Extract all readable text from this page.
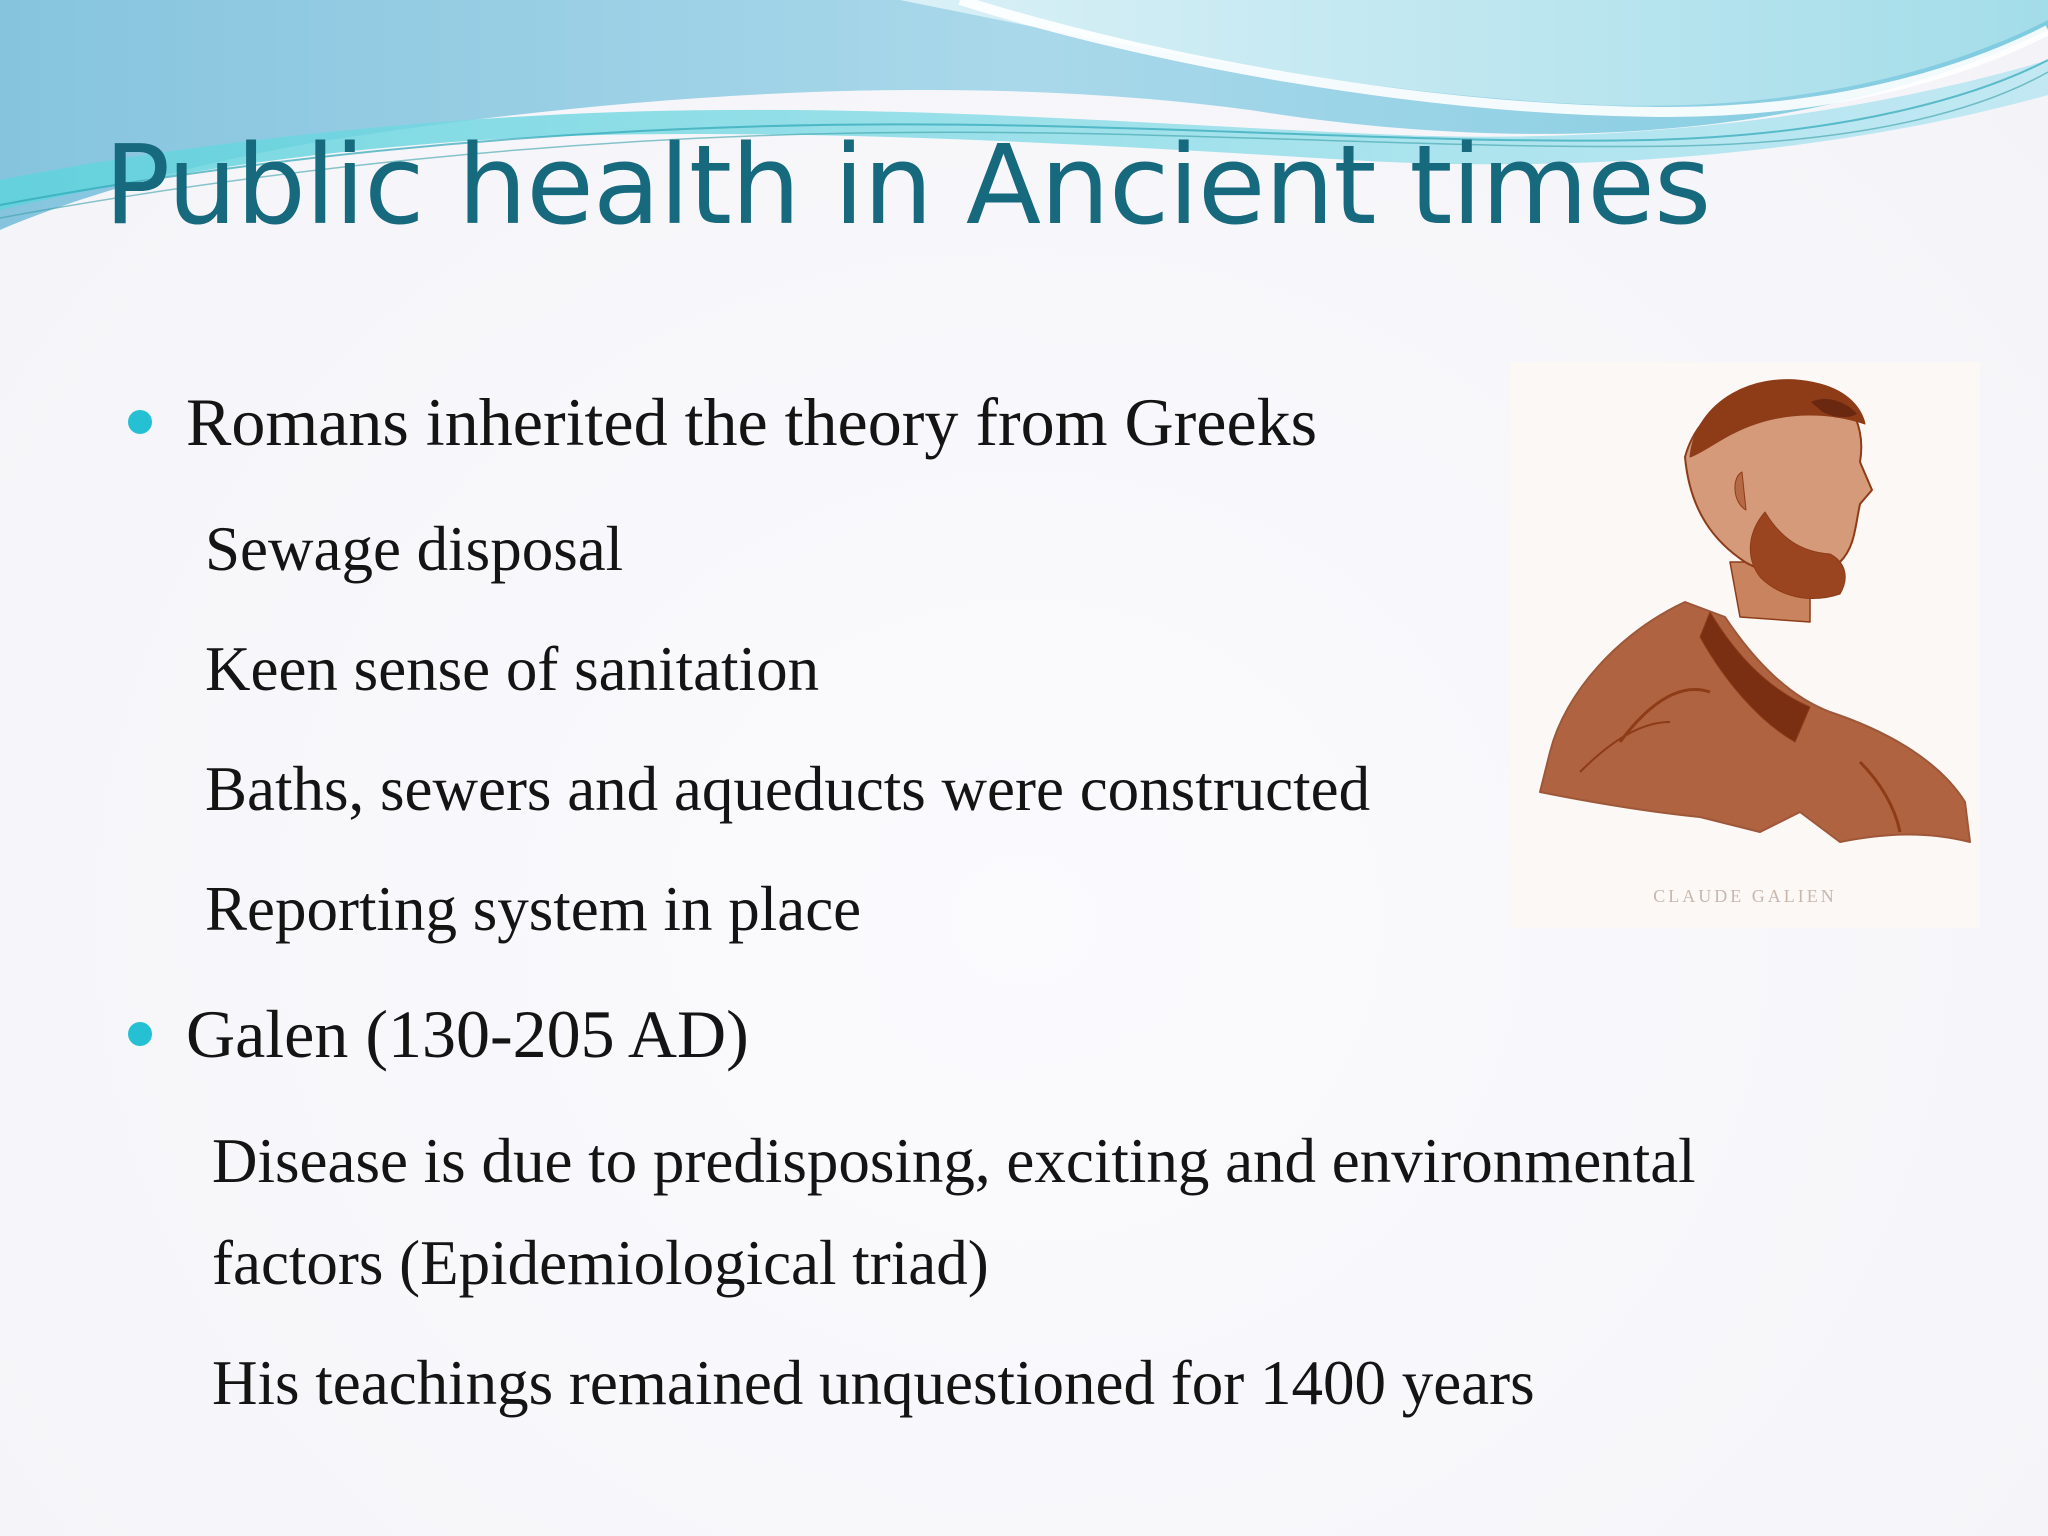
Public health in Ancient times
Romans inherited the theory from Greeks
Sewage disposal
Keen sense of sanitation
Baths, sewers and aqueducts were constructed
Reporting system in place
Galen (130-205 AD)
Disease is due to predisposing, exciting and environmental
factors (Epidemiological triad)
His teachings remained unquestioned for 1400 years
CLAUDE GALIEN
